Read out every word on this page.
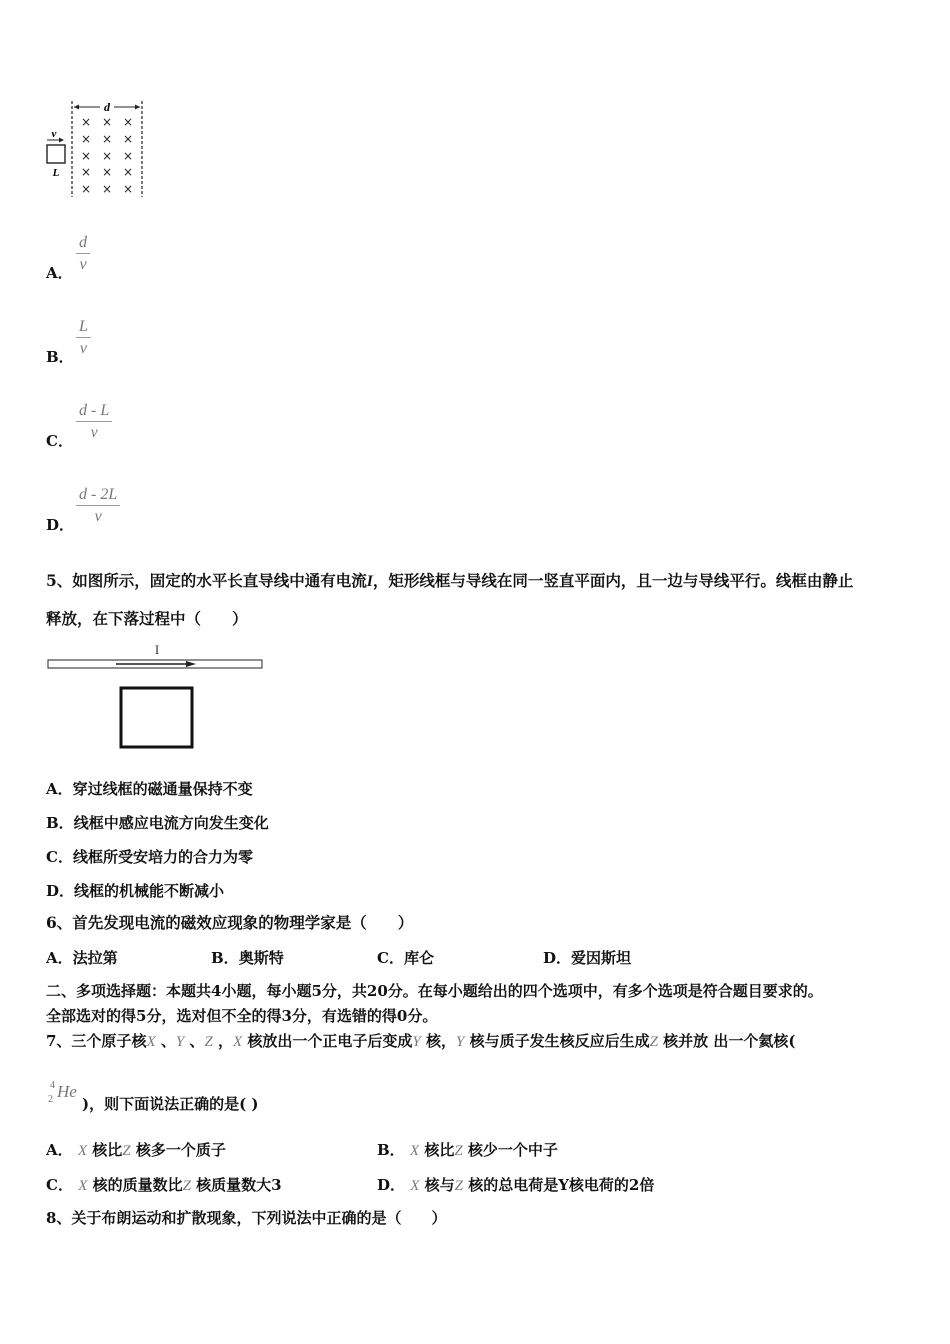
d
v
L
× × ×
× × ×
× × ×
× × ×
× × ×
A．
d
v
B．
L
v
C．
d - L
v
D．
d - 2L
v
5、如图所示，固定的水平长直导线中通有电流I，矩形线框与导线在同一竖直平面内，且一边与导线平行。线框由静止
释放，在下落过程中（　　）
I
A．穿过线框的磁通量保持不变
B．线框中感应电流方向发生变化
C．线框所受安培力的合力为零
D．线框的机械能不断减小
6、首先发现电流的磁效应现象的物理学家是（　　）
A．法拉第	B．奥斯特	C．库仑	D．爱因斯坦
二、多项选择题：本题共4小题，每小题5分，共20分。在每小题给出的四个选项中，有多个选项是符合题目要求的。
全部选对的得5分，选对但不全的得3分，有选错的得0分。
7、三个原子核X 、Y 、Z ，X 核放出一个正电子后变成Y 核，Y 核与质子发生核反应后生成Z 核并放 出一个氦核(
4
2 He
)，则下面说法正确的是( )
A． X 核比Z 核多一个质子	B． X 核比Z 核少一个中子
C． X 核的质量数比Z 核质量数大3	D． X 核与Z 核的总电荷是Y核电荷的2倍
8、关于布朗运动和扩散现象，下列说法中正确的是（　　）
